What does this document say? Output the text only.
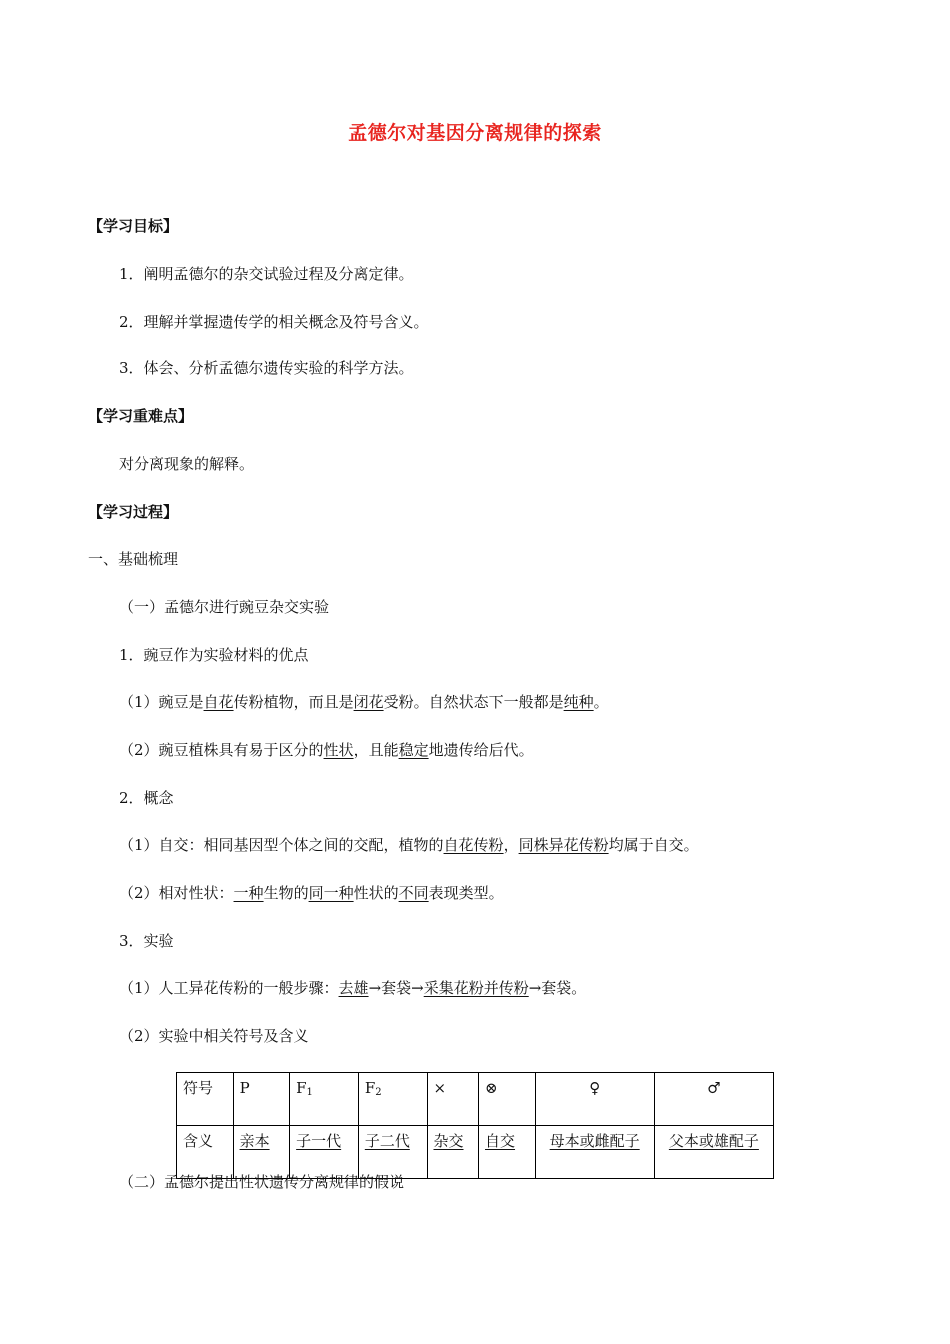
孟德尔对基因分离规律的探索
【学习目标】
1．阐明孟德尔的杂交试验过程及分离定律。
2．理解并掌握遗传学的相关概念及符号含义。
3．体会、分析孟德尔遗传实验的科学方法。
【学习重难点】
对分离现象的解释。
【学习过程】
一、基础梳理
（一）孟德尔进行豌豆杂交实验
1．豌豆作为实验材料的优点
（1）豌豆是自花传粉植物，而且是闭花受粉。自然状态下一般都是纯种。
（2）豌豆植株具有易于区分的性状，且能稳定地遗传给后代。
2．概念
（1）自交：相同基因型个体之间的交配，植物的自花传粉，同株异花传粉均属于自交。
（2）相对性状：一种生物的同一种性状的不同表现类型。
3．实验
（1）人工异花传粉的一般步骤：去雄→套袋→采集花粉并传粉→套袋。
（2）实验中相关符号及含义
符号	P	$F_1$	$F_2$	×	⊗	♀	♂
含义	亲本	子一代	子二代	杂交	自交	母本或雌配子	父本或雄配子
（二）孟德尔提出性状遗传分离规律的假说
